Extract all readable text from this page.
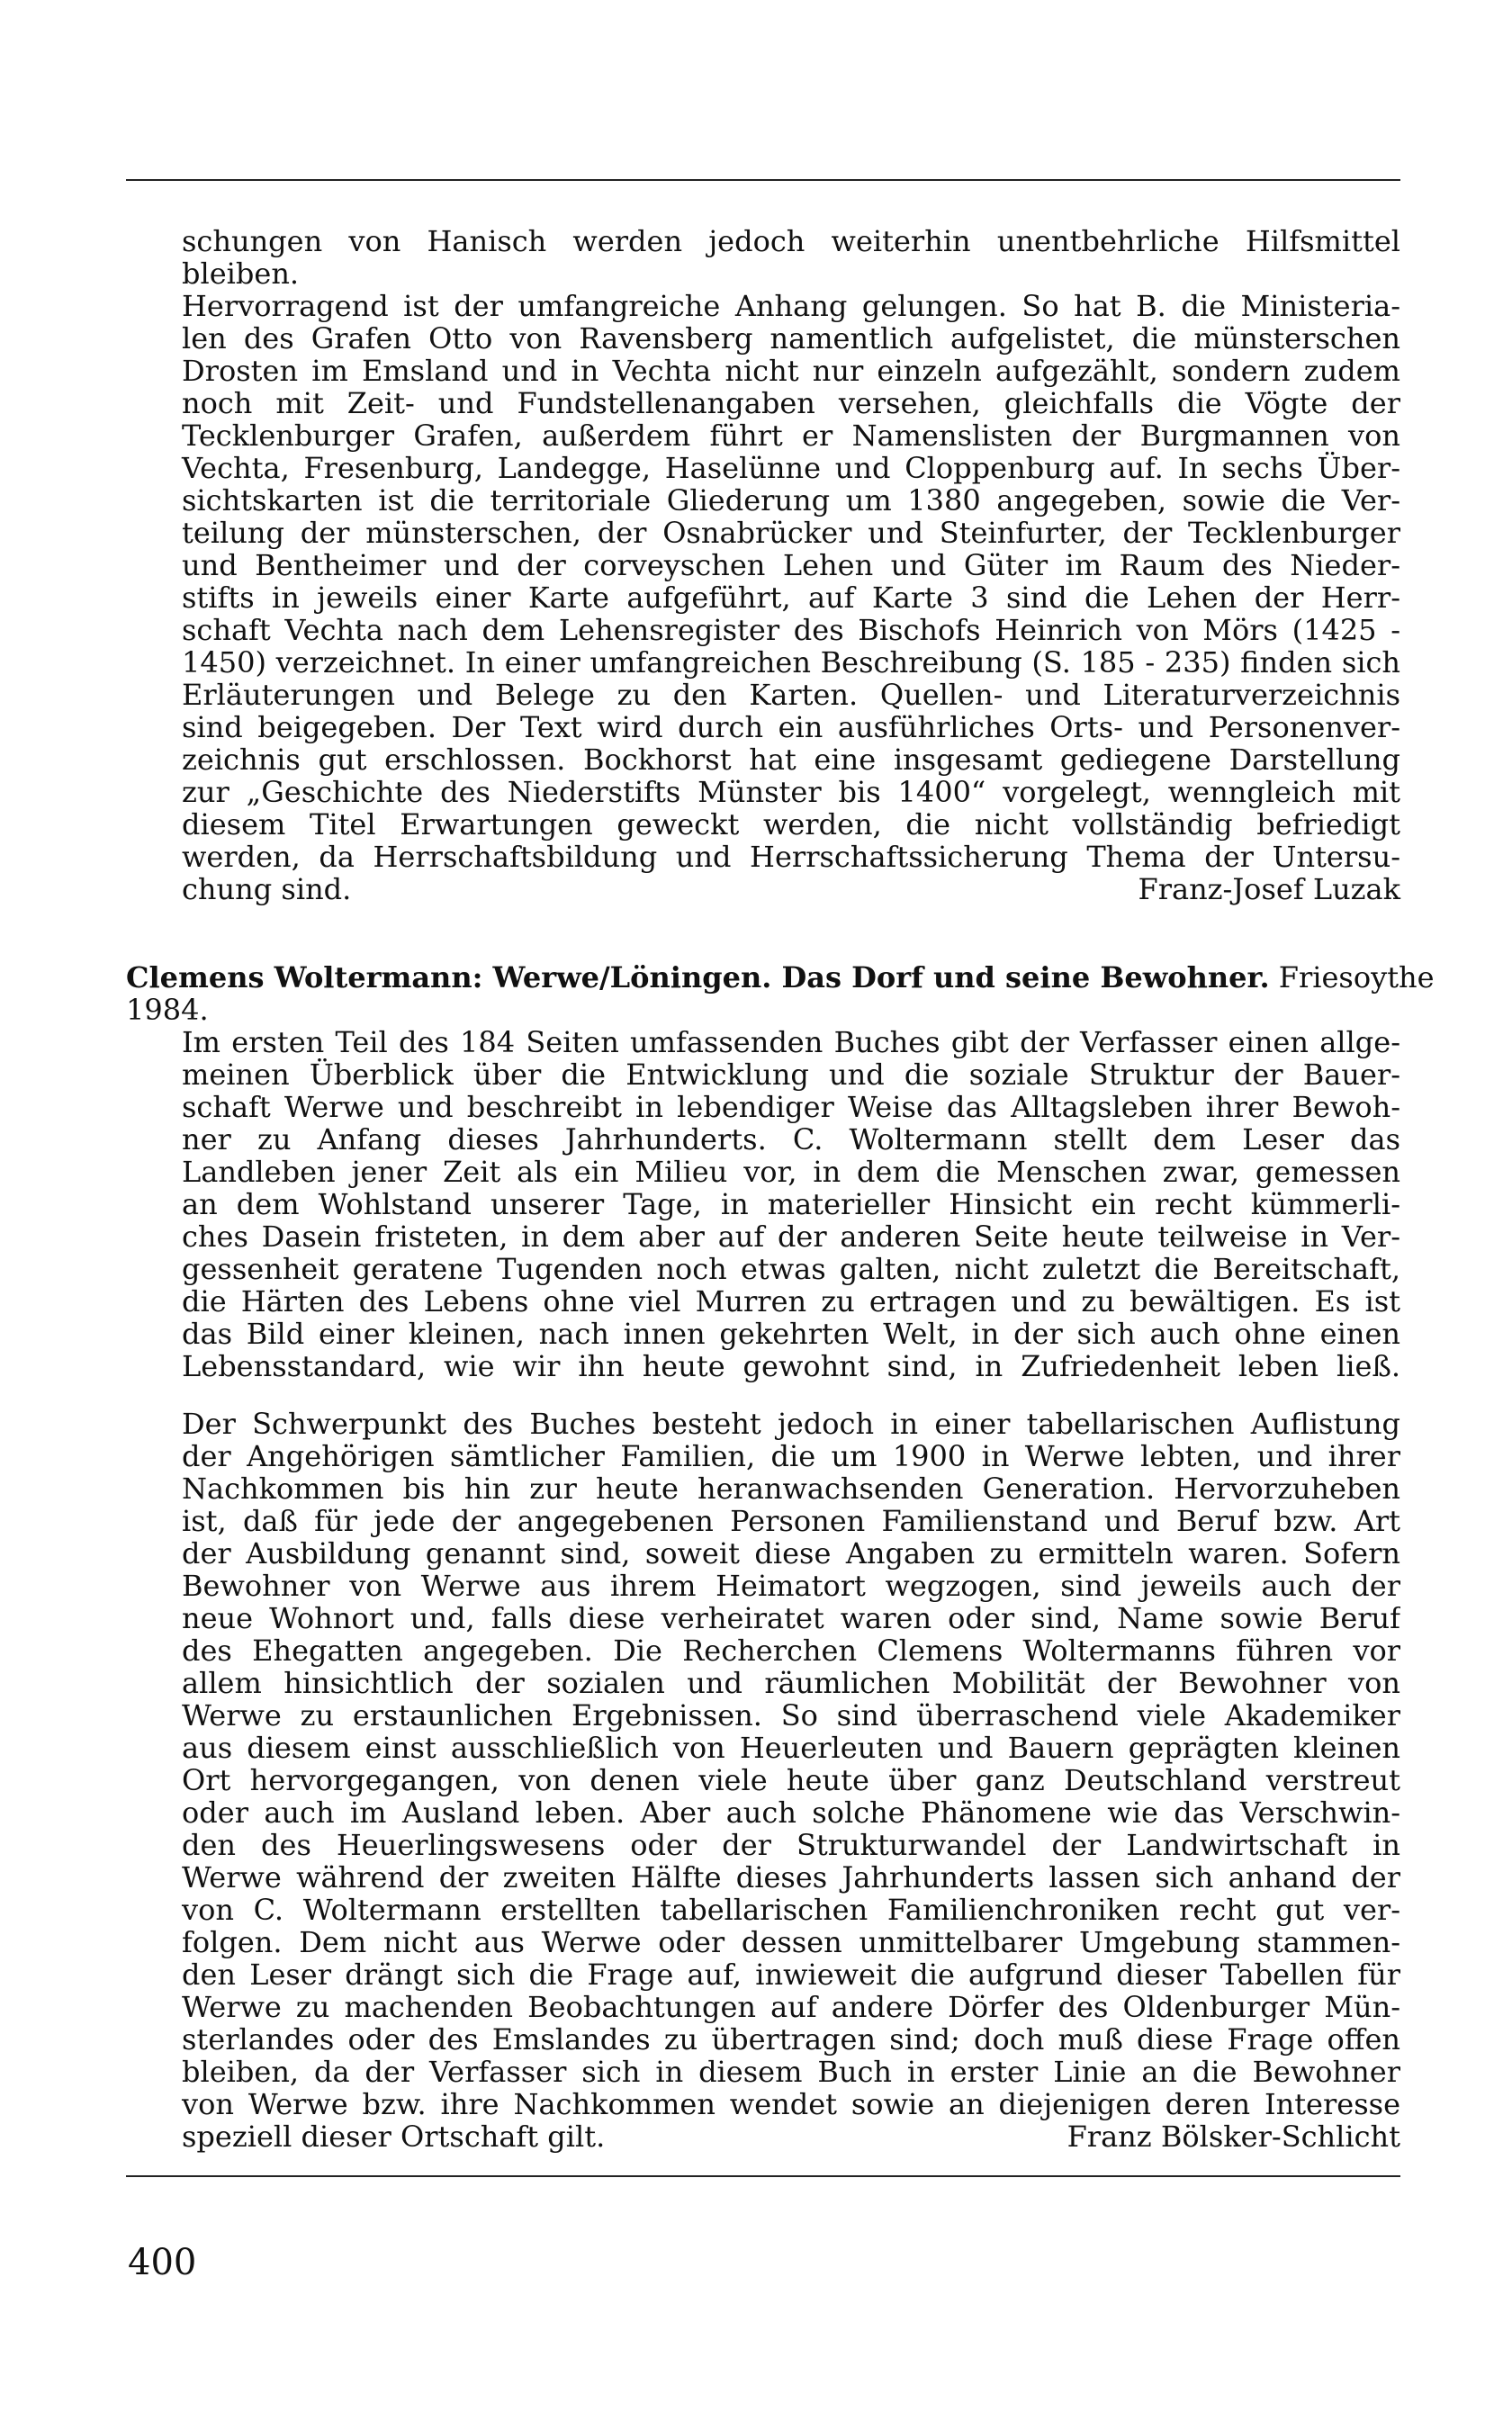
schungen von Hanisch werden jedoch weiterhin unentbehrliche Hilfsmittel
bleiben.
Hervorragend ist der umfangreiche Anhang gelungen. So hat B. die Ministeria-
len des Grafen Otto von Ravensberg namentlich aufgelistet, die münsterschen
Drosten im Emsland und in Vechta nicht nur einzeln aufgezählt, sondern zudem
noch mit Zeit- und Fundstellenangaben versehen, gleichfalls die Vögte der
Tecklenburger Grafen, außerdem führt er Namenslisten der Burgmannen von
Vechta, Fresenburg, Landegge, Haselünne und Cloppenburg auf. In sechs Über-
sichtskarten ist die territoriale Gliederung um 1380 angegeben, sowie die Ver-
teilung der münsterschen, der Osnabrücker und Steinfurter, der Tecklenburger
und Bentheimer und der corveyschen Lehen und Güter im Raum des Nieder-
stifts in jeweils einer Karte aufgeführt, auf Karte 3 sind die Lehen der Herr-
schaft Vechta nach dem Lehensregister des Bischofs Heinrich von Mörs (1425 -
1450) verzeichnet. In einer umfangreichen Beschreibung (S. 185 - 235) finden sich
Erläuterungen und Belege zu den Karten. Quellen- und Literaturverzeichnis
sind beigegeben. Der Text wird durch ein ausführliches Orts- und Personenver-
zeichnis gut erschlossen. Bockhorst hat eine insgesamt gediegene Darstellung
zur „Geschichte des Niederstifts Münster bis 1400“ vorgelegt, wenngleich mit
diesem Titel Erwartungen geweckt werden, die nicht vollständig befriedigt
werden, da Herrschaftsbildung und Herrschaftssicherung Thema der Untersu-
chung sind.	Franz-Josef Luzak
Clemens Woltermann: Werwe/Löningen. Das Dorf und seine Bewohner. Friesoythe
1984.
Im ersten Teil des 184 Seiten umfassenden Buches gibt der Verfasser einen allge-
meinen Überblick über die Entwicklung und die soziale Struktur der Bauer-
schaft Werwe und beschreibt in lebendiger Weise das Alltagsleben ihrer Bewoh-
ner zu Anfang dieses Jahrhunderts. C. Woltermann stellt dem Leser das
Landleben jener Zeit als ein Milieu vor, in dem die Menschen zwar, gemessen
an dem Wohlstand unserer Tage, in materieller Hinsicht ein recht kümmerli-
ches Dasein fristeten, in dem aber auf der anderen Seite heute teilweise in Ver-
gessenheit geratene Tugenden noch etwas galten, nicht zuletzt die Bereitschaft,
die Härten des Lebens ohne viel Murren zu ertragen und zu bewältigen. Es ist
das Bild einer kleinen, nach innen gekehrten Welt, in der sich auch ohne einen
Lebensstandard, wie wir ihn heute gewohnt sind, in Zufriedenheit leben ließ.
Der Schwerpunkt des Buches besteht jedoch in einer tabellarischen Auflistung
der Angehörigen sämtlicher Familien, die um 1900 in Werwe lebten, und ihrer
Nachkommen bis hin zur heute heranwachsenden Generation. Hervorzuheben
ist, daß für jede der angegebenen Personen Familienstand und Beruf bzw. Art
der Ausbildung genannt sind, soweit diese Angaben zu ermitteln waren. Sofern
Bewohner von Werwe aus ihrem Heimatort wegzogen, sind jeweils auch der
neue Wohnort und, falls diese verheiratet waren oder sind, Name sowie Beruf
des Ehegatten angegeben. Die Recherchen Clemens Woltermanns führen vor
allem hinsichtlich der sozialen und räumlichen Mobilität der Bewohner von
Werwe zu erstaunlichen Ergebnissen. So sind überraschend viele Akademiker
aus diesem einst ausschließlich von Heuerleuten und Bauern geprägten kleinen
Ort hervorgegangen, von denen viele heute über ganz Deutschland verstreut
oder auch im Ausland leben. Aber auch solche Phänomene wie das Verschwin-
den des Heuerlingswesens oder der Strukturwandel der Landwirtschaft in
Werwe während der zweiten Hälfte dieses Jahrhunderts lassen sich anhand der
von C. Woltermann erstellten tabellarischen Familienchroniken recht gut ver-
folgen. Dem nicht aus Werwe oder dessen unmittelbarer Umgebung stammen-
den Leser drängt sich die Frage auf, inwieweit die aufgrund dieser Tabellen für
Werwe zu machenden Beobachtungen auf andere Dörfer des Oldenburger Mün-
sterlandes oder des Emslandes zu übertragen sind; doch muß diese Frage offen
bleiben, da der Verfasser sich in diesem Buch in erster Linie an die Bewohner
von Werwe bzw. ihre Nachkommen wendet sowie an diejenigen deren Interesse
speziell dieser Ortschaft gilt.	Franz Bölsker-Schlicht
400
